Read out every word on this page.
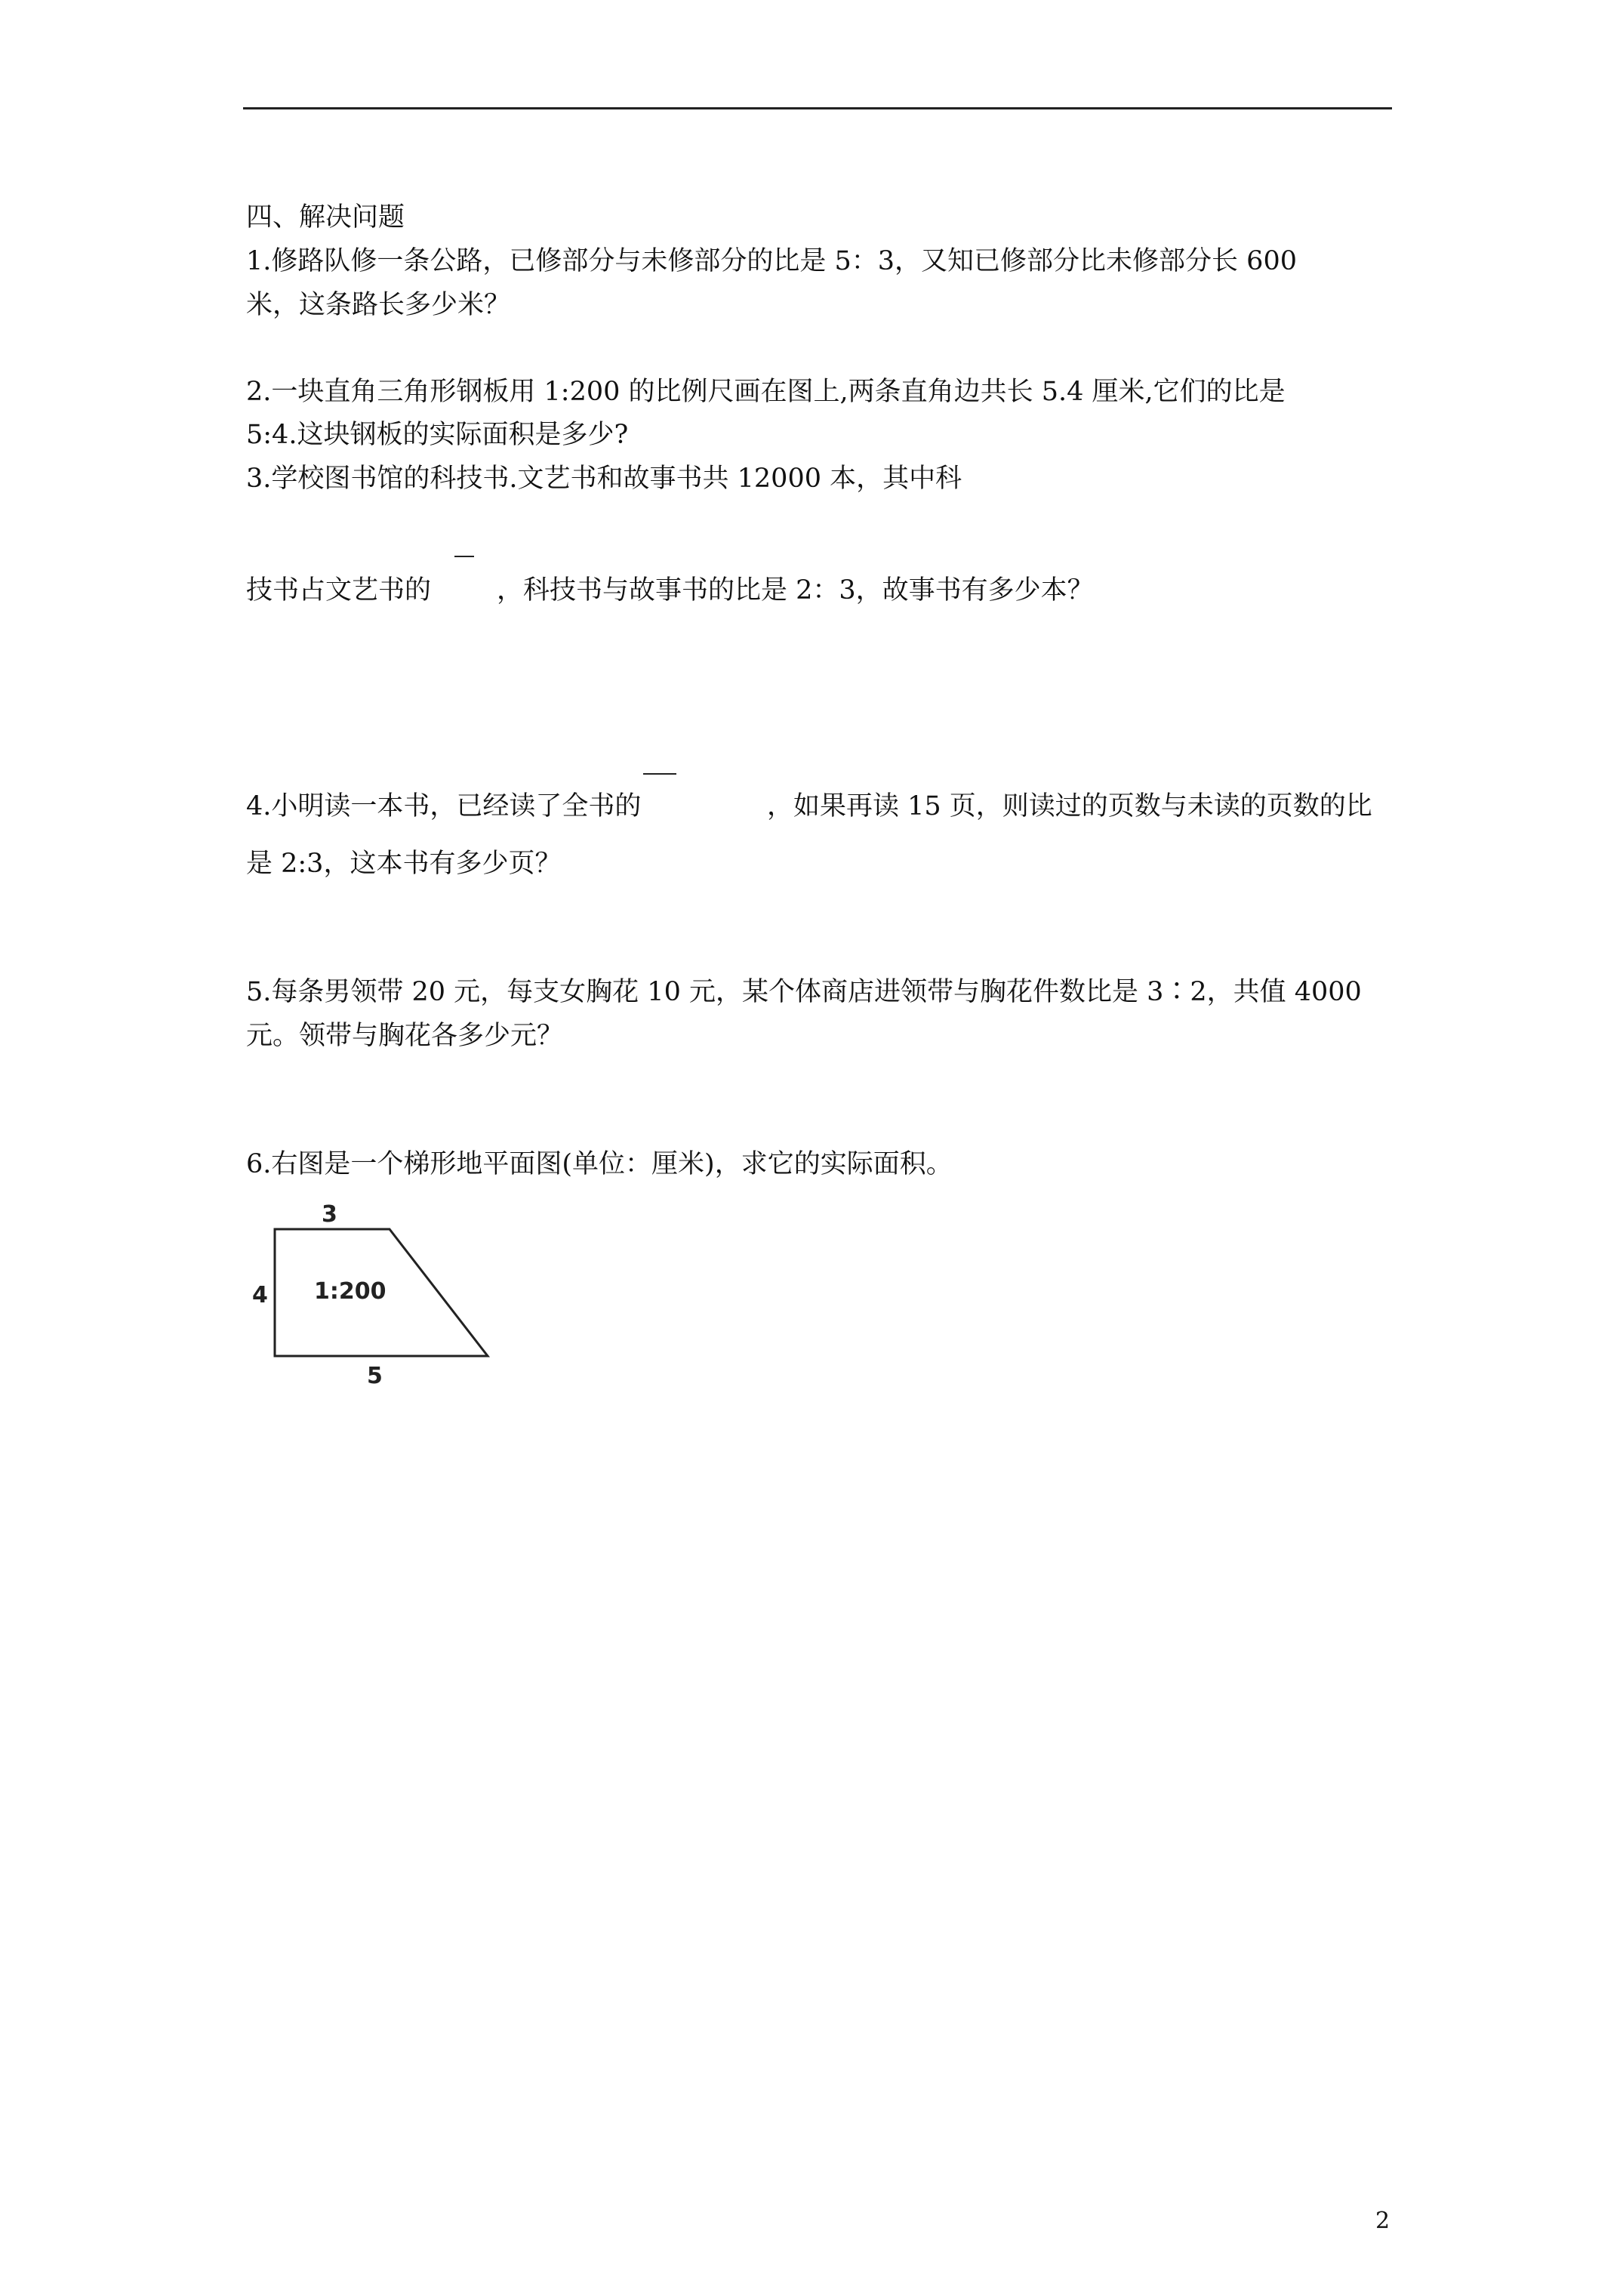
四、解决问题
1.修路队修一条公路，已修部分与未修部分的比是 5：3，又知已修部分比未修部分长 600
米，这条路长多少米？
2.一块直角三角形钢板用 1:200 的比例尺画在图上,两条直角边共长 5.4 厘米,它们的比是
5:4.这块钢板的实际面积是多少?
3.学校图书馆的科技书.文艺书和故事书共 12000 本，其中科
技书占文艺书的 ，科技书与故事书的比是 2：3，故事书有多少本？
4.小明读一本书，已经读了全书的	，如果再读 15 页，则读过的页数与未读的页数的比
是 2:3，这本书有多少页？
5.每条男领带 20 元，每支女胸花 10 元，某个体商店进领带与胸花件数比是 3∶2，共值 4000
元。领带与胸花各多少元？
6.右图是一个梯形地平面图(单位：厘米)，求它的实际面积。
3
4 1:200
5
2
